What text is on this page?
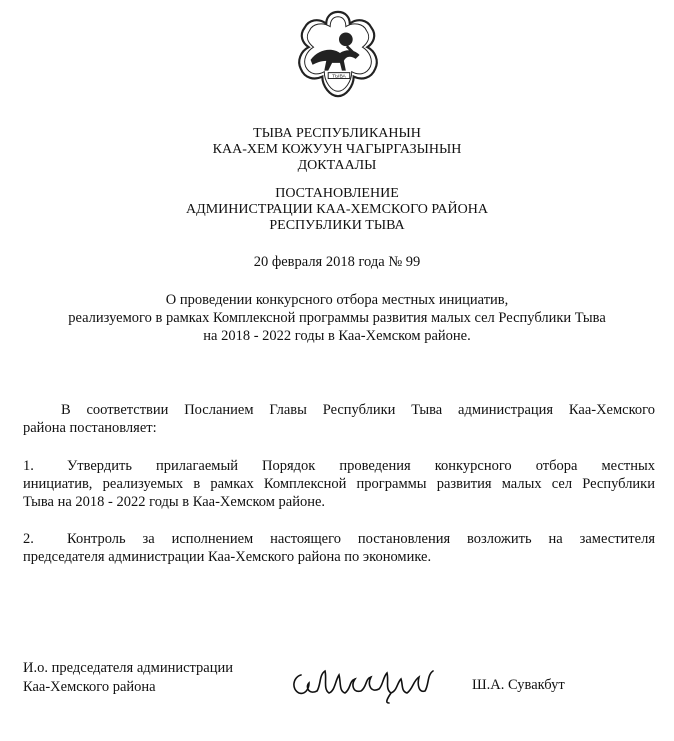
ТЫВА
ТЫВА РЕСПУБЛИКАНЫН
КАА-ХЕМ КОЖУУН ЧАГЫРГАЗЫНЫН
ДОКТААЛЫ
ПОСТАНОВЛЕНИЕ
АДМИНИСТРАЦИИ КАА-ХЕМСКОГО РАЙОНА
РЕСПУБЛИКИ ТЫВА
20 февраля 2018 года № 99
О проведении конкурсного отбора местных инициатив,
реализуемого в рамках Комплексной программы развития малых сел Республики Тыва
на 2018 - 2022 годы в Каа-Хемском районе.
В соответствии Посланием Главы Республики Тыва администрация Каа-Хемского
района постановляет:
1. Утвердить прилагаемый Порядок проведения конкурсного отбора местных
инициатив, реализуемых в рамках Комплексной программы развития малых сел Республики
Тыва на 2018 - 2022 годы в Каа-Хемском районе.
2. Контроль за исполнением настоящего постановления возложить на заместителя
председателя администрации Каа-Хемского района по экономике.
И.о. председателя администрации
Каа-Хемского района	Ш.А. Сувакбут
